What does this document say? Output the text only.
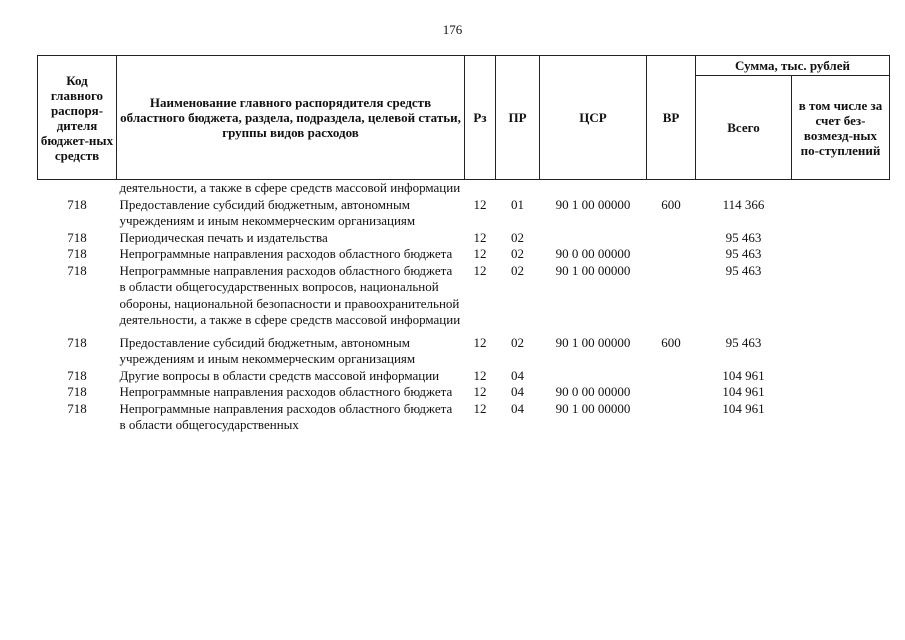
176
Код главного распоря-дителя бюджет-ных средств	Наименование главного распорядителя средств областного бюджета, раздела, подраздела, целевой статьи, группы видов расходов	Рз	ПР	ЦСР	ВР	Сумма, тыс. рублей	
						Всего	в том числе за счет без-возмезд-ных по-ступлений
	деятельности, а также в сфере средств массовой информации						
718	Предоставление субсидий бюджетным, автономным учреждениям и иным некоммерческим организациям	12	01	90 1 00 00000	600	114 366	
718	Периодическая печать и издательства	12	02			95 463	
718	Непрограммные направления расходов областного бюджета	12	02	90 0 00 00000		95 463	
718	Непрограммные направления расходов областного бюджета в области общегосударственных вопросов, национальной обороны, национальной безопасности и правоохранительной деятельности, а также в сфере средств массовой информации	12	02	90 1 00 00000		95 463	
718	Предоставление субсидий бюджетным, автономным учреждениям и иным некоммерческим организациям	12	02	90 1 00 00000	600	95 463	
718	Другие вопросы в области средств массовой информации	12	04			104 961	
718	Непрограммные направления расходов областного бюджета	12	04	90 0 00 00000		104 961	
718	Непрограммные направления расходов областного бюджета в области общегосударственных	12	04	90 1 00 00000		104 961	
